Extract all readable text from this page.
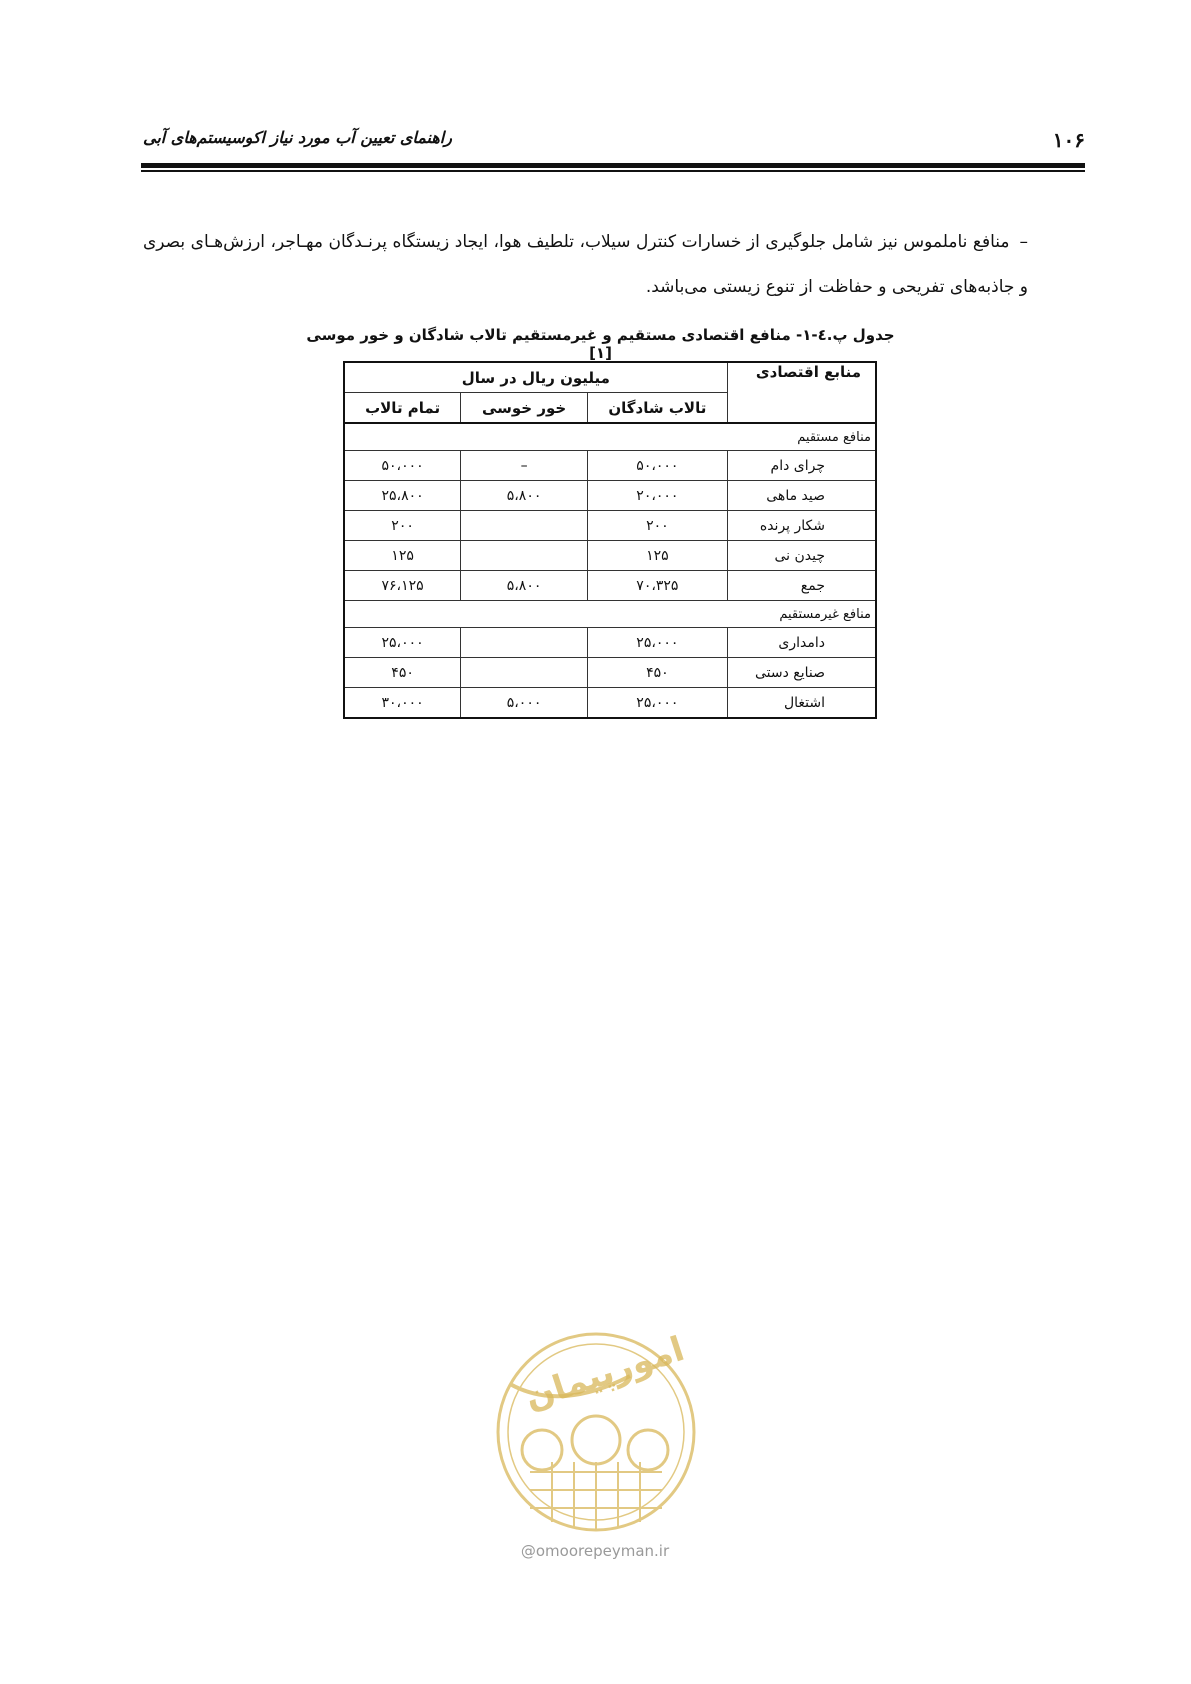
۱۰۶
راهنمای تعیین آب مورد نیاز اکوسیستم‌های آبی
–منافع ناملموس نیز شامل جلوگیری از خسارات کنترل سیلاب، تلطیف هوا، ایجاد زیستگاه پرنـدگان مهـاجر، ارزش‌هـای بصری و جاذبه‌های تفریحی و حفاظت از تنوع زیستی می‌باشد.
جدول پ.٤-۱- منافع اقتصادی مستقیم و غیرمستقیم تالاب شادگان و خور موسی [۱]
منابع اقتصادی	میلیون ریال در سال		
	تالاب شادگان	خور خوسی	تمام تالاب
منافع مستقیم			
چرای دام	۵۰،۰۰۰	–	۵۰،۰۰۰
صید ماهی	۲۰،۰۰۰	۵،۸۰۰	۲۵،۸۰۰
شکار پرنده	۲۰۰		۲۰۰
چیدن نی	۱۲۵		۱۲۵
جمع	۷۰،۳۲۵	۵،۸۰۰	۷۶،۱۲۵
منافع غیرمستقیم			
دامداری	۲۵،۰۰۰		۲۵،۰۰۰
صنایع دستی	۴۵۰		۴۵۰
اشتغال	۲۵،۰۰۰	۵،۰۰۰	۳۰،۰۰۰
امورپیمان
@omoorepeyman.ir
